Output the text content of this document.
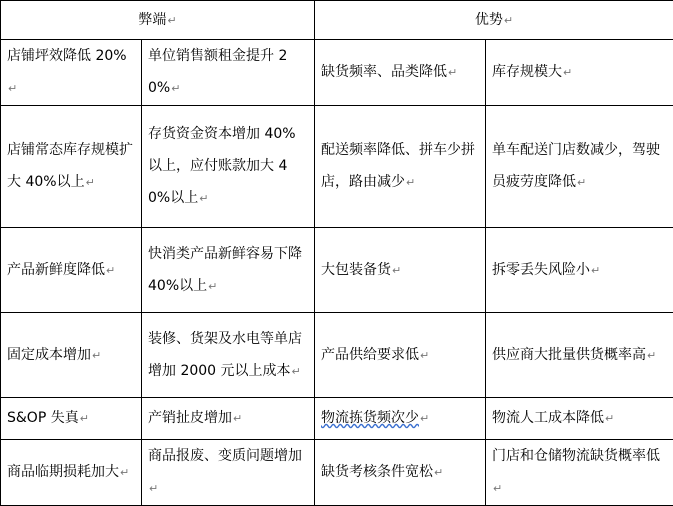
弊端↵		优势↵	
店铺坪效降低 20%↵	单位销售额租金提升 20%↵	缺货频率、品类降低↵	库存规模大↵
店铺常态库存规模扩大 40%以上↵	存货资金资本增加 40%以上，应付账款加大 40%以上↵	配送频率降低、拼车少拼店，路由减少↵	单车配送门店数减少，驾驶员疲劳度降低↵
产品新鲜度降低↵	快消类产品新鲜容易下降 40%以上↵	大包装备货↵	拆零丢失风险小↵
固定成本增加↵	装修、货架及水电等单店增加 2000 元以上成本↵	产品供给要求低↵	供应商大批量供货概率高↵
S&OP 失真↵	产销扯皮增加↵	物流拣货频次少↵	物流人工成本降低↵
商品临期损耗加大↵	商品报废、变质问题增加↵	缺货考核条件宽松↵	门店和仓储物流缺货概率低↵
